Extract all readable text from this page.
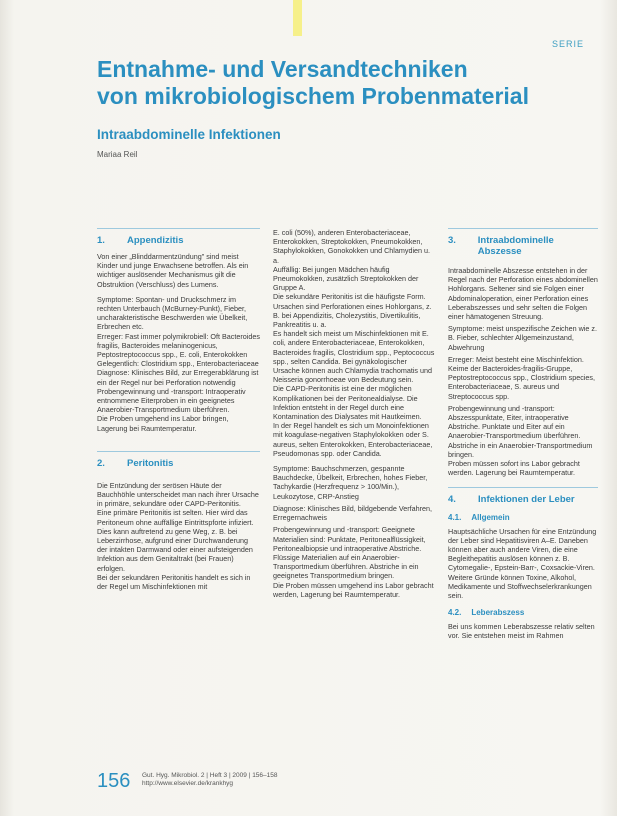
SERIE
Entnahme- und Versandtechniken
von mikrobiologischem Probenmaterial
Intraabdominelle Infektionen
Mariaa Reil
1.	Appendizitis

Von einer „Blinddarmentzündung" sind meist Kinder und junge Erwachsene betroffen. Als ein wichtiger auslösender Mechanismus gilt die Obstruktion (Verschluss) des Lumens.

Symptome: Spontan- und Druckschmerz im rechten Unterbauch (McBurney-Punkt), Fieber, uncharakteristische Beschwerden wie Übelkeit, Erbrechen etc.

Erreger: Fast immer polymikrobiell: Oft Bacteroides fragilis, Bacteroides melaninogenicus, Peptostreptococcus spp., E. coli, Enterokokken

Gelegentlich: Clostridium spp., Enterobacteriaceae

Diagnose: Klinisches Bild, zur Erregerabklärung ist ein der Regel nur bei Perforation notwendig

Probengewinnung und -transport: Intraoperativ entnommene Eiterproben in ein geeignetes Anaerobier-Transportmedium überführen.

Die Proben umgehend ins Labor bringen, Lagerung bei Raumtemperatur.

2.	Peritonitis

Die Entzündung der serösen Häute der Bauchhöhle unterscheidet man nach ihrer Ursache in primäre, sekundäre oder CAPD-Peritonitis.

Eine primäre Peritonitis ist selten. Hier wird das Peritoneum ohne auffällige Eintrittspforte infiziert. Dies kann auftretend zu gene Weg, z. B. bei Leberzirrhose, aufgrund einer Durchwanderung der intakten Darmwand oder einer aufsteigenden Infektion aus dem Genitaltrakt (bei Frauen) erfolgen.

Bei der sekundären Peritonitis handelt es sich in der Regel um Mischinfektionen mit

E. coli (50%), anderen Enterobacteriaceae, Enterokokken, Streptokokken, Pneumokokken, Staphylokokken, Gonokokken und Chlamydien u. a.

Auffällig: Bei jungen Mädchen häufig Pneumokokken, zusätzlich Streptokokken der Gruppe A.

Die sekundäre Peritonitis ist die häufigste Form. Ursachen sind Perforationen eines Hohlorgans, z. B. bei Appendizitis, Cholezystitis, Divertikulitis, Pankreatitis u. a.

Es handelt sich meist um Mischinfektionen mit E. coli, andere Enterobacteriaceae, Enterokokken, Bacteroides fragilis, Clostridium spp., Peptococcus spp., selten Candida. Bei gynäkologischer Ursache können auch Chlamydia trachomatis und Neisseria gonorrhoeae von Bedeutung sein.

Die CAPD-Peritonitis ist eine der möglichen Komplikationen bei der Peritonealdialyse. Die Infektion entsteht in der Regel durch eine Kontamination des Dialysates mit Hautkeimen.

In der Regel handelt es sich um Monoinfektionen mit koagulase-negativen Staphylokokken oder S. aureus, selten Enterokokken, Enterobacteriaceae, Pseudomonas spp. oder Candida.

Symptome: Bauchschmerzen, gespannte Bauchdecke, Übelkeit, Erbrechen, hohes Fieber, Tachykardie (Herzfrequenz > 100/Min.), Leukozytose, CRP-Anstieg

Diagnose: Klinisches Bild, bildgebende Verfahren, Erregernachweis

Probengewinnung und -transport: Geeignete Materialien sind: Punktate, Peritonealflüssigkeit, Peritonealbiopsie und intraoperative Abstriche. Flüssige Materialien auf ein Anaerobier-Transportmedium überführen. Abstriche in ein geeignetes Transportmedium bringen.

Die Proben müssen umgehend ins Labor gebracht werden, Lagerung bei Raumtemperatur.

3.	Intraabdominelle Abszesse

Intraabdominelle Abszesse entstehen in der Regel nach der Perforation eines abdominellen Hohlorgans. Seltener sind sie Folgen einer Abdominaloperation, einer Perforation eines Leberabszesses und sehr selten die Folgen einer hämatogenen Streuung.

Symptome: meist unspezifische Zeichen wie z. B. Fieber, schlechter Allgemeinzustand, Abwehrung

Erreger: Meist besteht eine Mischinfektion. Keime der Bacteroides-fragilis-Gruppe, Peptostreptococcus spp., Clostridium species, Enterobacteriaceae, S. aureus und Streptococcus spp.

Probengewinnung und -transport: Abszesspunktate, Eiter, intraoperative Abstriche. Punktate und Eiter auf ein Anaerobier-Transportmedium überführen. Abstriche in ein Anaerobier-Transportmedium bringen.

Proben müssen sofort ins Labor gebracht werden. Lagerung bei Raumtemperatur.

4.	Infektionen der Leber
4.1. Allgemein

Hauptsächliche Ursachen für eine Entzündung der Leber sind Hepatitisviren A–E. Daneben können aber auch andere Viren, die eine Begleithepatitis auslösen können z. B. Cytomegalie-, Epstein-Barr-, Coxsackie-Viren. Weitere Gründe können Toxine, Alkohol, Medikamente und Stoffwechselerkrankungen sein.

4.2. Leberabszess

Bei uns kommen Leberabszesse relativ selten vor. Sie entstehen meist im Rahmen

156 Gut. Hyg. Mikrobiol. 2 | Heft 3 | 2009 | 156–158
http://www.elsevier.de/krankhyg
